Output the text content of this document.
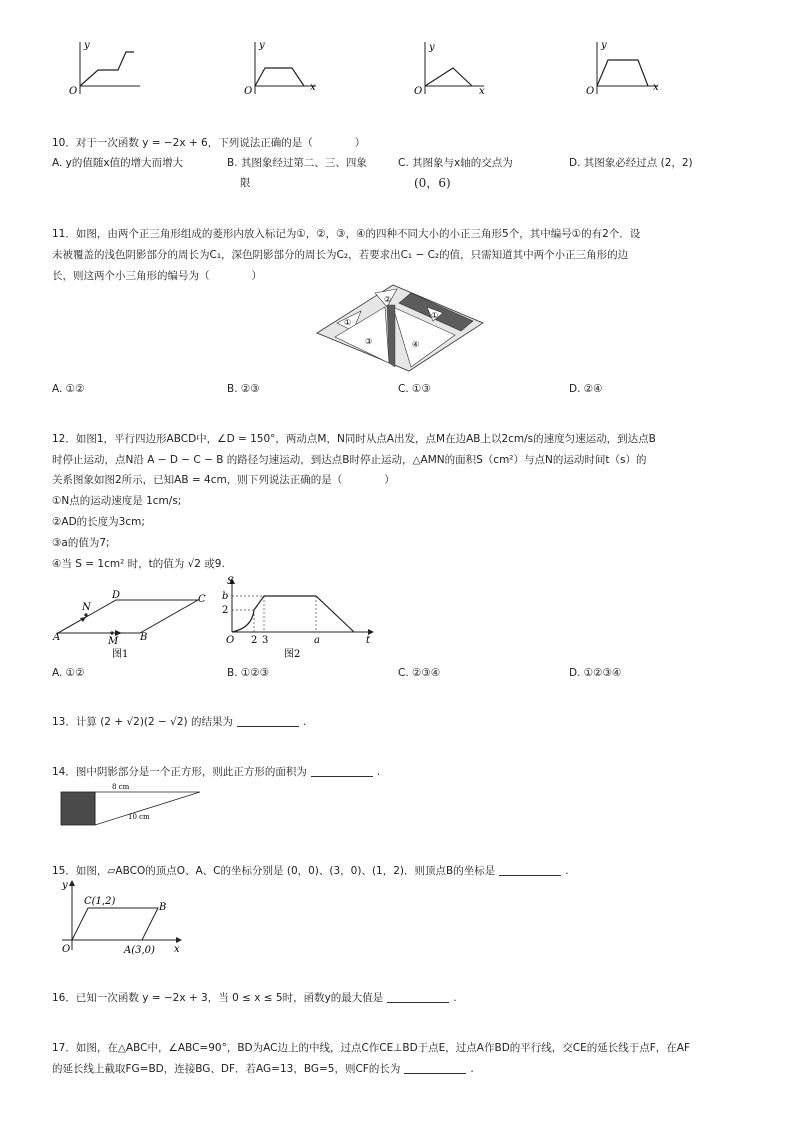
y
O
y
x
O
y
x
O
y
x
O
10．对于一次函数 y = −2x + 6，下列说法正确的是（　　　　）
A. y的值随x值的增大而增大	B. 其图象经过第二、三、四象
限
C. 其图象与x轴的交点为
(0，6)
D. 其图象必经过点 (2，2)
11．如图，由两个正三角形组成的菱形内放入标记为①，②，③，④的四种不同大小的小正三角形5个，其中编号①的有2个．设
未被覆盖的浅色阴影部分的周长为C₁，深色阴影部分的周长为C₂，若要求出C₁ − C₂的值，只需知道其中两个小正三角形的边
长，则这两个小三角形的编号为（　　　　）
①
②
③	④
①
A. ①②	B. ②③	C. ①③	D. ②④
12．如图1，平行四边形ABCD中，∠D = 150°，两动点M，N同时从点A出发，点M在边AB上以2cm/s的速度匀速运动，到达点B
时停止运动，点N沿 A − D − C − B 的路径匀速运动，到达点B时停止运动，△AMN的面积S（cm²）与点N的运动时间t（s）的
关系图象如图2所示，已知AB = 4cm，则下列说法正确的是（　　　　）
①N点的运动速度是 1cm/s;
②AD的长度为3cm;
③a的值为7;
④当 S = 1cm² 时，t的值为 √2 或9.
A	B
C
D
M
N
图1
S
b
2
O 2 3	a	t
图2
A. ①②	B. ①②③	C. ②③④	D. ①②③④
13．计算 (2 + √2)(2 − √2) 的结果为	.
14．图中阴影部分是一个正方形，则此正方形的面积为	.
8 cm
10 cm
15．如图，▱ABCO的顶点O、A、C的坐标分别是 (0，0)、(3，0)、(1，2)．则顶点B的坐标是	.
y
x
O
C(1,2)
B
A(3,0)
16．已知一次函数 y = −2x + 3，当 0 ≤ x ≤ 5时，函数y的最大值是	.
17．如图，在△ABC中，∠ABC=90°，BD为AC边上的中线，过点C作CE⊥BD于点E，过点A作BD的平行线，交CE的延长线于点F，在AF
的延长线上截取FG=BD，连接BG、DF．若AG=13，BG=5，则CF的长为	.
